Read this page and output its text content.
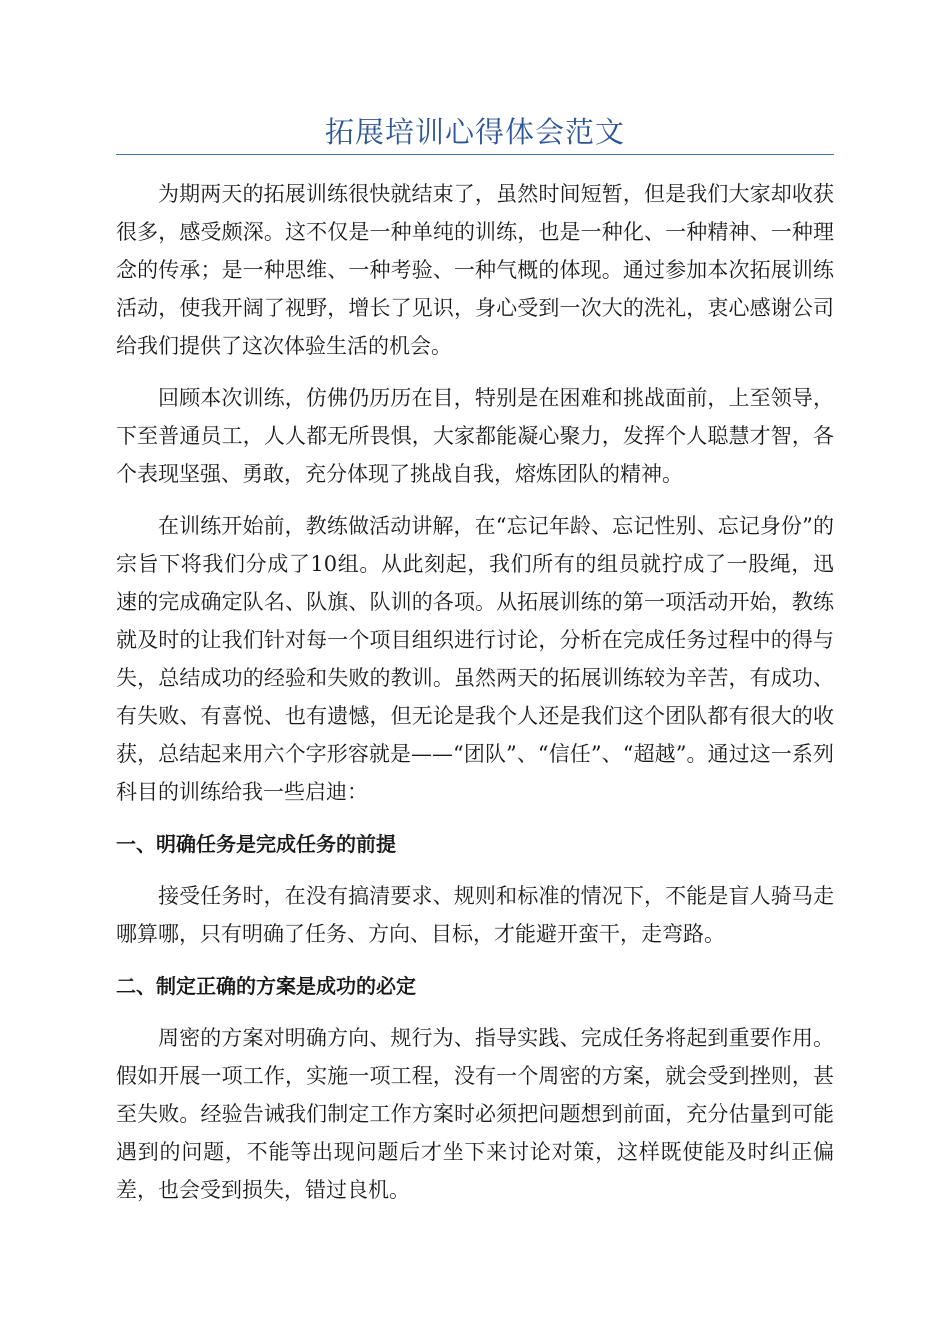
拓展培训心得体会范文

为期两天的拓展训练很快就结束了，虽然时间短暂，但是我们大家却收获很多，感受颇深。这不仅是一种单纯的训练，也是一种化、一种精神、一种理念的传承；是一种思维、一种考验、一种气概的体现。通过参加本次拓展训练活动，使我开阔了视野，增长了见识，身心受到一次大的洗礼，衷心感谢公司给我们提供了这次体验生活的机会。

回顾本次训练，仿佛仍历历在目，特别是在困难和挑战面前，上至领导，下至普通员工，人人都无所畏惧，大家都能凝心聚力，发挥个人聪慧才智，各个表现坚强、勇敢，充分体现了挑战自我，熔炼团队的精神。

在训练开始前，教练做活动讲解，在“忘记年龄、忘记性别、忘记身份”的宗旨下将我们分成了10组。从此刻起，我们所有的组员就拧成了一股绳，迅速的完成确定队名、队旗、队训的各项。从拓展训练的第一项活动开始，教练就及时的让我们针对每一个项目组织进行讨论，分析在完成任务过程中的得与失，总结成功的经验和失败的教训。虽然两天的拓展训练较为辛苦，有成功、有失败、有喜悦、也有遗憾，但无论是我个人还是我们这个团队都有很大的收获，总结起来用六个字形容就是——“团队”、“信任”、“超越”。通过这一系列科目的训练给我一些启迪：

一、明确任务是完成任务的前提

接受任务时，在没有搞清要求、规则和标准的情况下，不能是盲人骑马走哪算哪，只有明确了任务、方向、目标，才能避开蛮干，走弯路。

二、制定正确的方案是成功的必定

周密的方案对明确方向、规行为、指导实践、完成任务将起到重要作用。假如开展一项工作，实施一项工程，没有一个周密的方案，就会受到挫则，甚至失败。经验告诫我们制定工作方案时必须把问题想到前面，充分估量到可能遇到的问题，不能等出现问题后才坐下来讨论对策，这样既使能及时纠正偏差，也会受到损失，错过良机。
